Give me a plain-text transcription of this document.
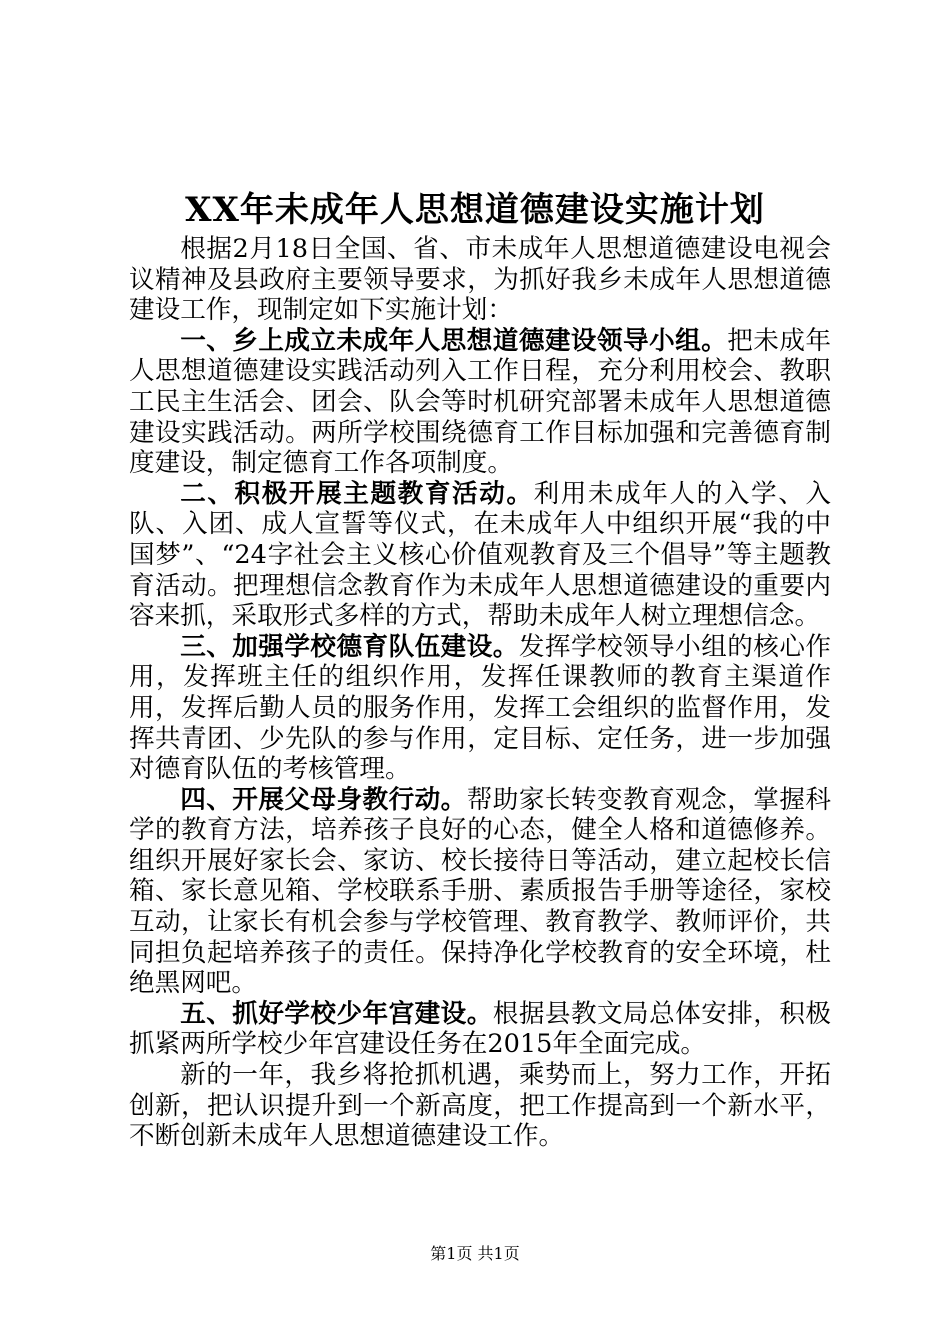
XX年未成年人思想道德建设实施计划

根据2月18日全国、省、市未成年人思想道德建设电视会议精神及县政府主要领导要求，为抓好我乡未成年人思想道德建设工作，现制定如下实施计划：

一、乡上成立未成年人思想道德建设领导小组。把未成年人思想道德建设实践活动列入工作日程，充分利用校会、教职工民主生活会、团会、队会等时机研究部署未成年人思想道德建设实践活动。两所学校围绕德育工作目标加强和完善德育制度建设，制定德育工作各项制度。

二、积极开展主题教育活动。利用未成年人的入学、入队、入团、成人宣誓等仪式，在未成年人中组织开展“我的中国梦”、“24字社会主义核心价值观教育及三个倡导”等主题教育活动。把理想信念教育作为未成年人思想道德建设的重要内容来抓，采取形式多样的方式，帮助未成年人树立理想信念。

三、加强学校德育队伍建设。发挥学校领导小组的核心作用，发挥班主任的组织作用，发挥任课教师的教育主渠道作用，发挥后勤人员的服务作用，发挥工会组织的监督作用，发挥共青团、少先队的参与作用，定目标、定任务，进一步加强对德育队伍的考核管理。

四、开展父母身教行动。帮助家长转变教育观念，掌握科学的教育方法，培养孩子良好的心态，健全人格和道德修养。组织开展好家长会、家访、校长接待日等活动，建立起校长信箱、家长意见箱、学校联系手册、素质报告手册等途径，家校互动，让家长有机会参与学校管理、教育教学、教师评价，共同担负起培养孩子的责任。保持净化学校教育的安全环境，杜绝黑网吧。

五、抓好学校少年宫建设。根据县教文局总体安排，积极抓紧两所学校少年宫建设任务在2015年全面完成。

新的一年，我乡将抢抓机遇，乘势而上，努力工作，开拓创新，把认识提升到一个新高度，把工作提高到一个新水平，不断创新未成年人思想道德建设工作。

第1页 共1页
